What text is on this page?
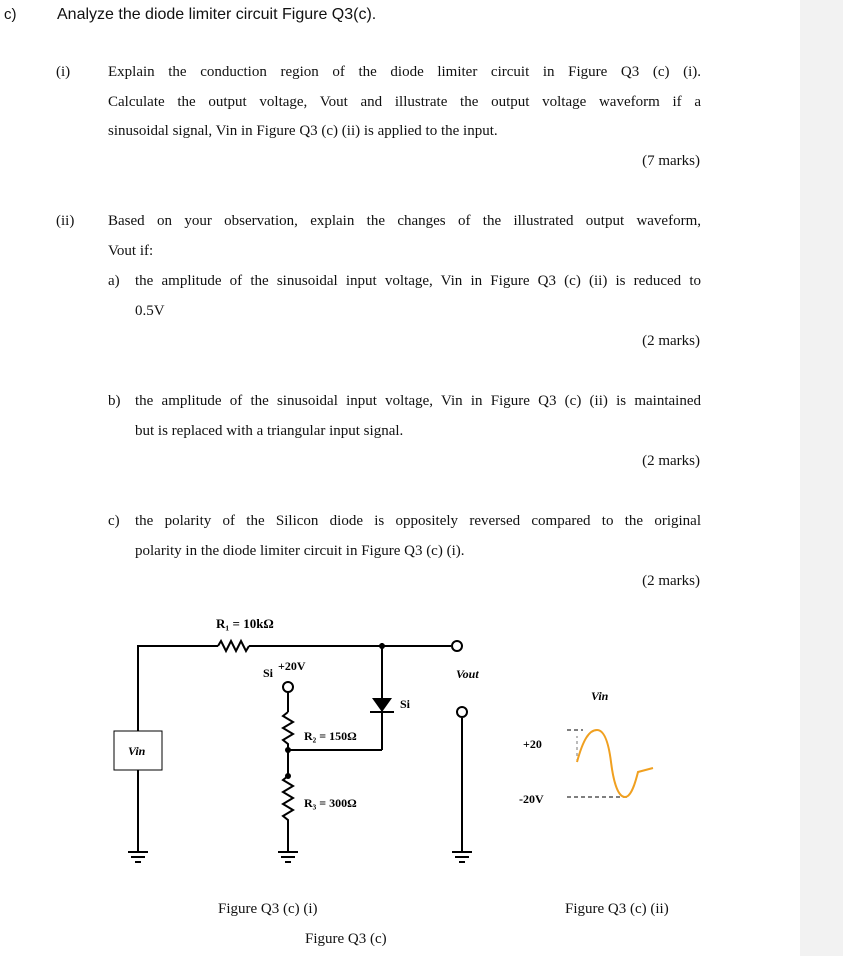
c)	Analyze the diode limiter circuit Figure Q3(c).
(i)	Explain the conduction region of the diode limiter circuit in Figure Q3 (c) (i).
Calculate the output voltage, Vout and illustrate the output voltage waveform if a
sinusoidal signal, Vin in Figure Q3 (c) (ii) is applied to the input.
(7 marks)
(ii) Based on your observation, explain the changes of the illustrated output waveform,
Vout if:
a) the amplitude of the sinusoidal input voltage, Vin in Figure Q3 (c) (ii) is reduced to
0.5V
(2 marks)
b) the amplitude of the sinusoidal input voltage, Vin in Figure Q3 (c) (ii) is maintained
but is replaced with a triangular input signal.
(2 marks)
c) the polarity of the Silicon diode is oppositely reversed compared to the original
polarity in the diode limiter circuit in Figure Q3 (c) (i).
(2 marks)
R₁ = 10kΩ
Si +20V
Si
R₂ = 150Ω
R₃ = 300Ω
Vout
Vin
Vin
+20
-20V
Figure Q3 (c) (i)	Figure Q3 (c) (ii)
Figure Q3 (c)
